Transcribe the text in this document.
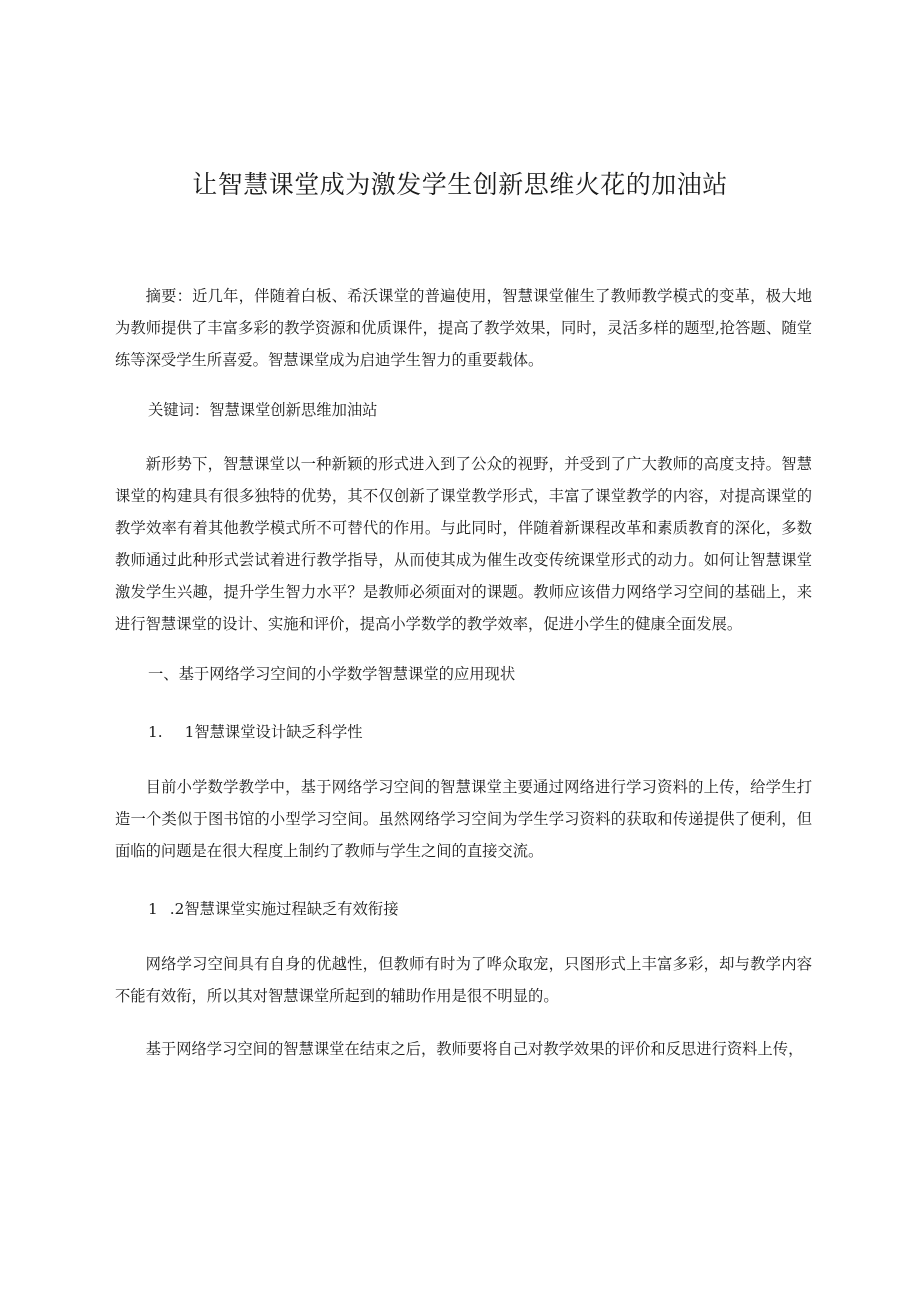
让智慧课堂成为激发学生创新思维火花的加油站

摘要：近几年，伴随着白板、希沃课堂的普遍使用，智慧课堂催生了教师教学模式的变革，极大地为教师提供了丰富多彩的教学资源和优质课件，提高了教学效果，同时，灵活多样的题型,抢答题、随堂练等深受学生所喜爱。智慧课堂成为启迪学生智力的重要载体。

关键词：智慧课堂创新思维加油站

新形势下，智慧课堂以一种新颖的形式进入到了公众的视野，并受到了广大教师的高度支持。智慧课堂的构建具有很多独特的优势，其不仅创新了课堂教学形式，丰富了课堂教学的内容，对提高课堂的教学效率有着其他教学模式所不可替代的作用。与此同时，伴随着新课程改革和素质教育的深化，多数教师通过此种形式尝试着进行教学指导，从而使其成为催生改变传统课堂形式的动力。如何让智慧课堂激发学生兴趣，提升学生智力水平？是教师必须面对的课题。教师应该借力网络学习空间的基础上，来进行智慧课堂的设计、实施和评价，提高小学数学的教学效率，促进小学生的健康全面发展。

一、基于网络学习空间的小学数学智慧课堂的应用现状
1. 1智慧课堂设计缺乏科学性

目前小学数学教学中，基于网络学习空间的智慧课堂主要通过网络进行学习资料的上传，给学生打造一个类似于图书馆的小型学习空间。虽然网络学习空间为学生学习资料的获取和传递提供了便利，但面临的问题是在很大程度上制约了教师与学生之间的直接交流。

1 .2智慧课堂实施过程缺乏有效衔接

网络学习空间具有自身的优越性，但教师有时为了哗众取宠，只图形式上丰富多彩，却与教学内容不能有效衔，所以其对智慧课堂所起到的辅助作用是很不明显的。

基于网络学习空间的智慧课堂在结束之后，教师要将自己对教学效果的评价和反思进行资料上传，
